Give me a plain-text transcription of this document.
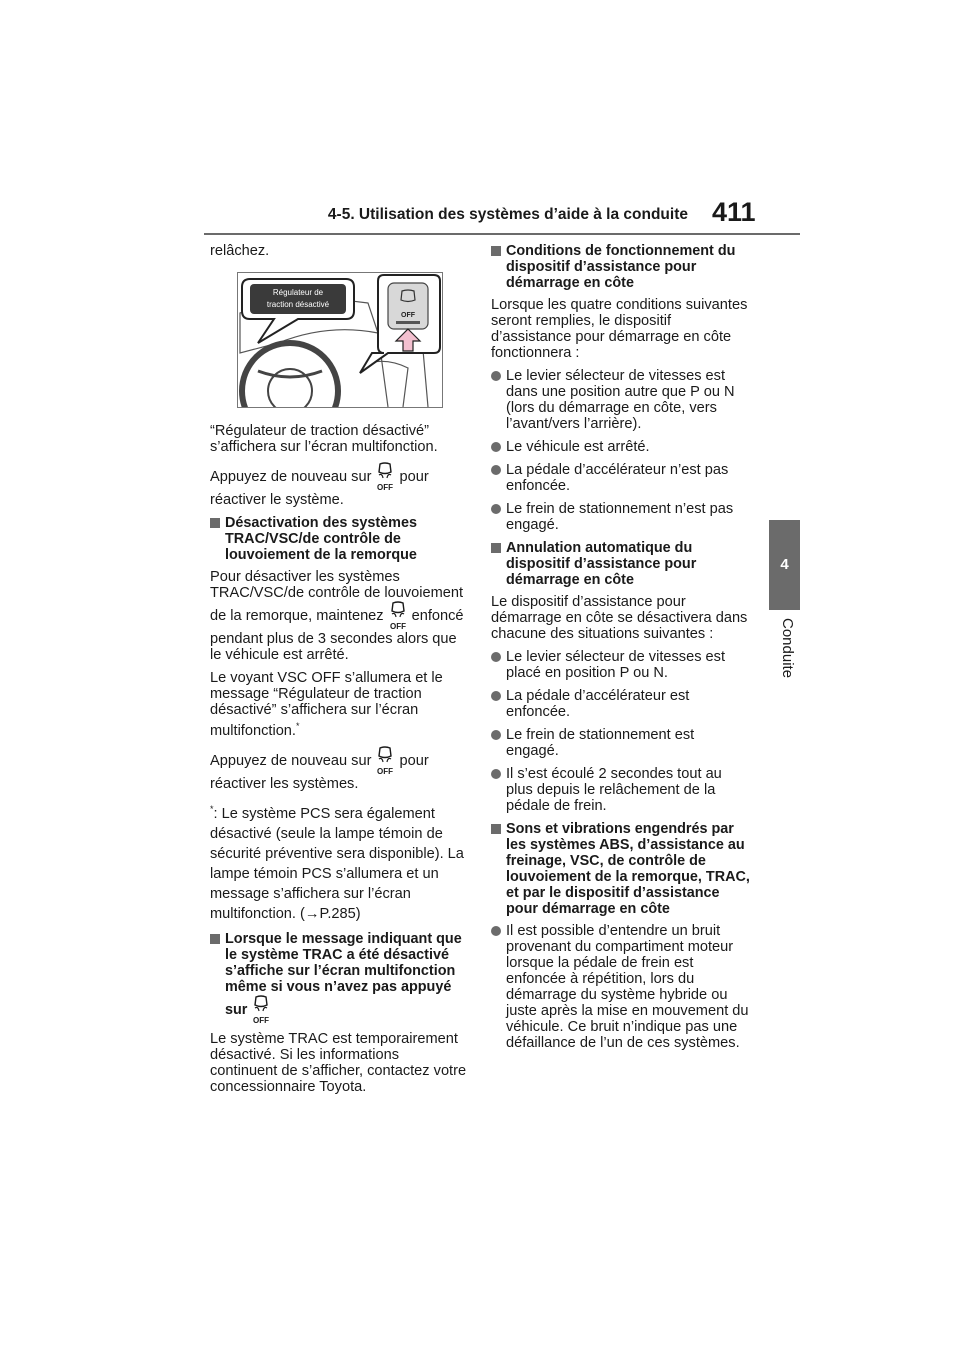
4-5. Utilisation des systèmes d’aide à la conduite 411
4
Conduite

relâchez.

Régulateur de
traction désactivé
OFF

“Régulateur de traction désactivé” s’affichera sur l’écran multifonction.

Appuyez de nouveau sur pour réactiver le système.

Désactivation des systèmes TRAC/VSC/de contrôle de louvoiement de la remorque

Pour désactiver les systèmes TRAC/VSC/de contrôle de louvoiement de la remorque, maintenez enfoncé pendant plus de 3 secondes alors que le véhicule est arrêté.

Le voyant VSC OFF s’allumera et le message “Régulateur de traction désactivé” s’affichera sur l’écran multifonction.*

Appuyez de nouveau sur pour réactiver les systèmes.

*: Le système PCS sera également désactivé (seule la lampe témoin de sécurité préventive sera disponible). La lampe témoin PCS s’allumera et un message s’affichera sur l’écran multifonction. (→P.285)

Lorsque le message indiquant que le système TRAC a été désactivé s’affiche sur l’écran multifonction même si vous n’avez pas appuyé sur

Le système TRAC est temporairement désactivé. Si les informations continuent de s’afficher, contactez votre concessionnaire Toyota.

Conditions de fonctionnement du dispositif d’assistance pour démarrage en côte

Lorsque les quatre conditions suivantes seront remplies, le dispositif d’assistance pour démarrage en côte fonctionnera :

Le levier sélecteur de vitesses est dans une position autre que P ou N (lors du démarrage en côte, vers l’avant/vers l’arrière).

Le véhicule est arrêté.

La pédale d’accélérateur n’est pas enfoncée.

Le frein de stationnement n’est pas engagé.

Annulation automatique du dispositif d’assistance pour démarrage en côte

Le dispositif d’assistance pour démarrage en côte se désactivera dans chacune des situations suivantes :

Le levier sélecteur de vitesses est placé en position P ou N.

La pédale d’accélérateur est enfoncée.

Le frein de stationnement est engagé.

Il s’est écoulé 2 secondes tout au plus depuis le relâchement de la pédale de frein.

Sons et vibrations engendrés par les systèmes ABS, d’assistance au freinage, VSC, de contrôle de louvoiement de la remorque, TRAC, et par le dispositif d’assistance pour démarrage en côte

Il est possible d’entendre un bruit provenant du compartiment moteur lorsque la pédale de frein est enfoncée à répétition, lors du démarrage du système hybride ou juste après la mise en mouvement du véhicule. Ce bruit n’indique pas une défaillance de l’un de ces systèmes.
